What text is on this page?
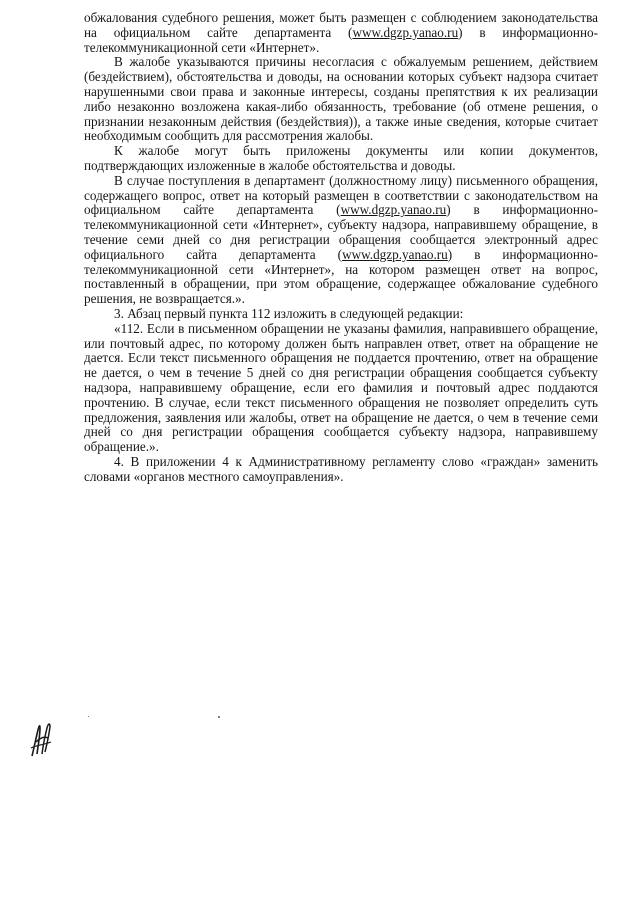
обжалования судебного решения, может быть размещен с соблюдением законодательства на официальном сайте департамента (www.dgzp.yanao.ru) в информационно-телекоммуникационной сети «Интернет».

В жалобе указываются причины несогласия с обжалуемым решением, действием (бездействием), обстоятельства и доводы, на основании которых субъект надзора считает нарушенными свои права и законные интересы, созданы препятствия к их реализации либо незаконно возложена какая-либо обязанность, требование (об отмене решения, о признании незаконным действия (бездействия)), а также иные сведения, которые считает необходимым сообщить для рассмотрения жалобы.

К жалобе могут быть приложены документы или копии документов, подтверждающих изложенные в жалобе обстоятельства и доводы.

В случае поступления в департамент (должностному лицу) письменного обращения, содержащего вопрос, ответ на который размещен в соответствии с законодательством на официальном сайте департамента (www.dgzp.yanao.ru) в информационно-телекоммуникационной сети «Интернет», субъекту надзора, направившему обращение, в течение семи дней со дня регистрации обращения сообщается электронный адрес официального сайта департамента (www.dgzp.yanao.ru) в информационно-телекоммуникационной сети «Интернет», на котором размещен ответ на вопрос, поставленный в обращении, при этом обращение, содержащее обжалование судебного решения, не возвращается.».

3. Абзац первый пункта 112 изложить в следующей редакции:

«112. Если в письменном обращении не указаны фамилия, направившего обращение, или почтовый адрес, по которому должен быть направлен ответ, ответ на обращение не дается. Если текст письменного обращения не поддается прочтению, ответ на обращение не дается, о чем в течение 5 дней со дня регистрации обращения сообщается субъекту надзора, направившему обращение, если его фамилия и почтовый адрес поддаются прочтению. В случае, если текст письменного обращения не позволяет определить суть предложения, заявления или жалобы, ответ на обращение не дается, о чем в течение семи дней со дня регистрации обращения сообщается субъекту надзора, направившему обращение.».

4. В приложении 4 к Административному регламенту слово «граждан» заменить словами «органов местного самоуправления».
